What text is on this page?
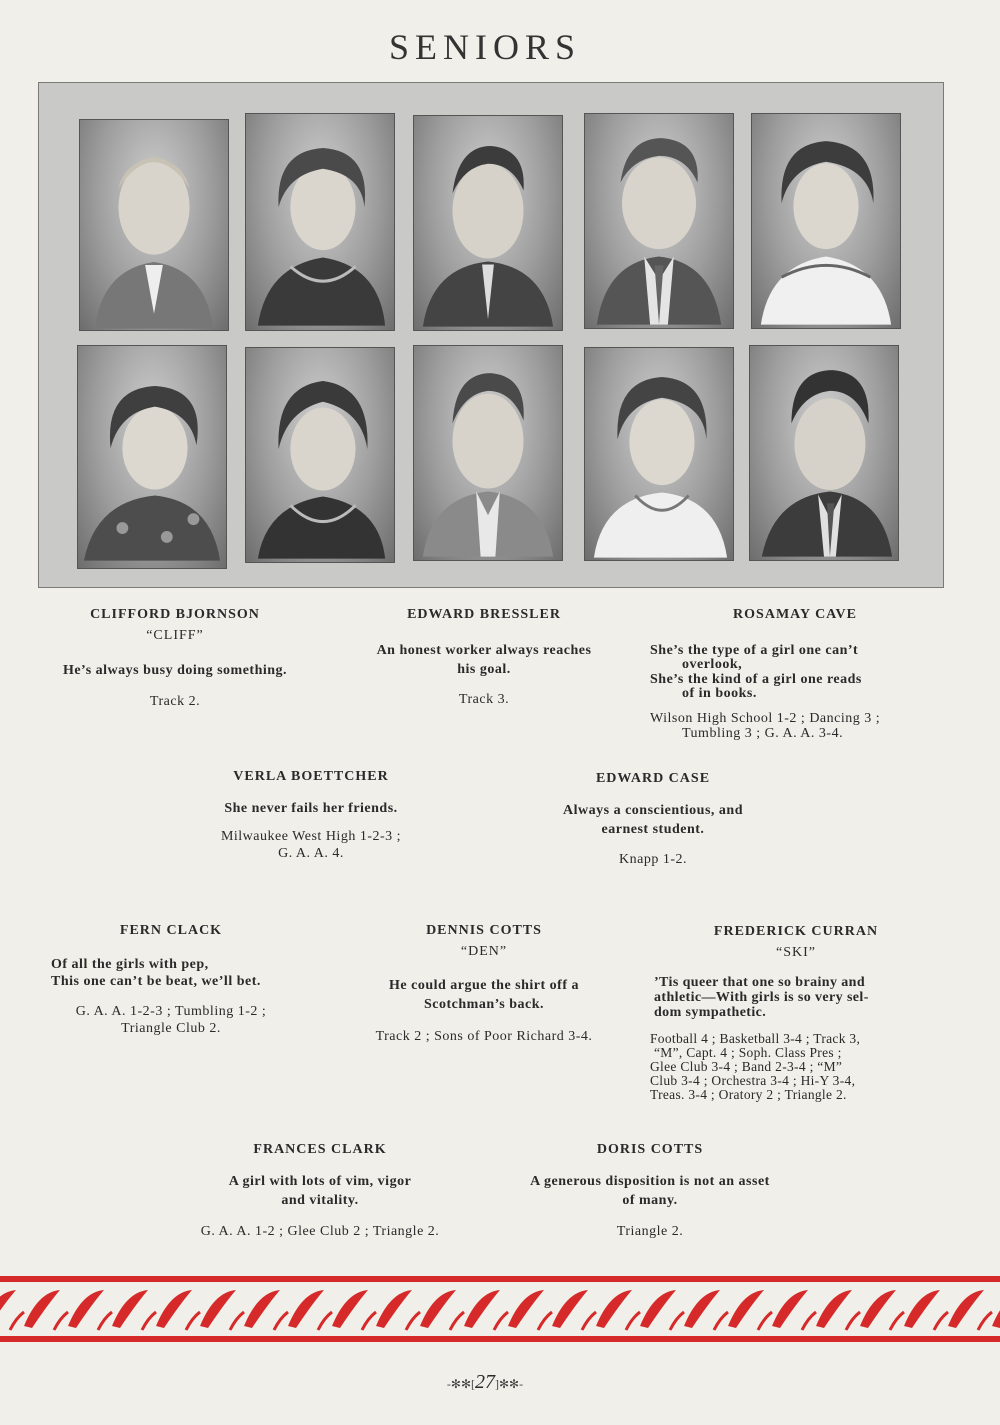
SENIORS
CLIFFORD BJORNSON
“CLIFF”
He’s always busy doing something.
Track 2.
EDWARD BRESSLER
An honest worker always reaches
his goal.
Track 3.
ROSAMAY CAVE
She’s the type of a girl one can’t
overlook,
She’s the kind of a girl one reads
of in books.
Wilson High School 1-2 ; Dancing 3 ;
Tumbling 3 ; G. A. A. 3-4.
VERLA BOETTCHER
She never fails her friends.
Milwaukee West High 1-2-3 ;
G. A. A. 4.
EDWARD CASE
Always a conscientious, and
earnest student.
Knapp 1-2.
FERN CLACK
Of all the girls with pep,
This one can’t be beat, we’ll bet.
G. A. A. 1-2-3 ; Tumbling 1-2 ;
Triangle Club 2.
DENNIS COTTS
“DEN”
He could argue the shirt off a
Scotchman’s back.
Track 2 ; Sons of Poor Richard 3-4.
FREDERICK CURRAN
“SKI”
’Tis queer that one so brainy and
athletic—With girls is so very sel-
dom sympathetic.
Football 4 ; Basketball 3-4 ; Track 3,
“M”, Capt. 4 ; Soph. Class Pres ;
Glee Club 3-4 ; Band 2-3-4 ; “M”
Club 3-4 ; Orchestra 3-4 ; Hi-Y 3-4,
Treas. 3-4 ; Oratory 2 ; Triangle 2.
FRANCES CLARK
A girl with lots of vim, vigor
and vitality.
G. A. A. 1-2 ; Glee Club 2 ; Triangle 2.
DORIS COTTS
A generous disposition is not an asset
of many.
Triangle 2.
-✻✻[27]✻✻-
